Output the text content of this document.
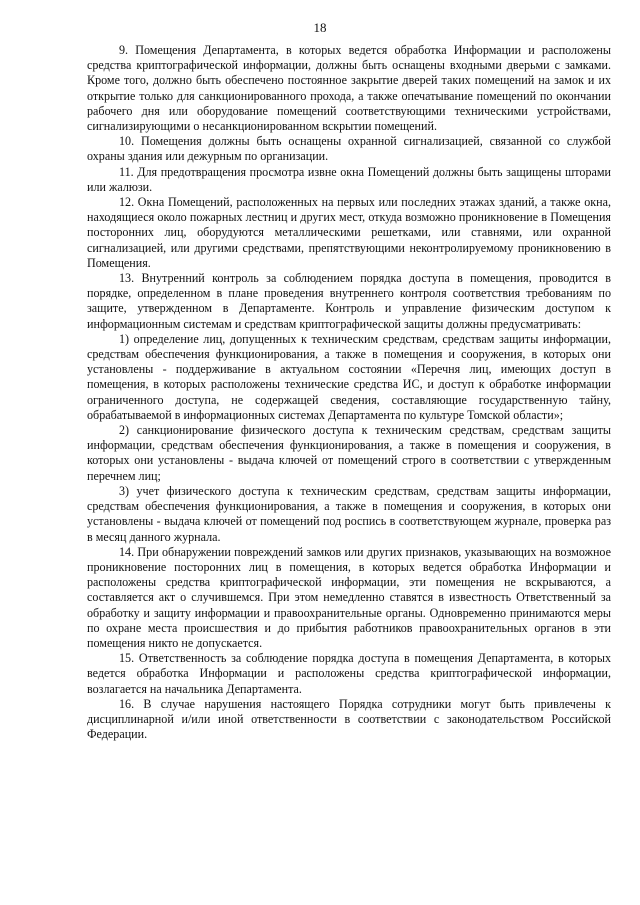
18

9. Помещения Департамента, в которых ведется обработка Информации и расположены средства криптографической информации, должны быть оснащены входными дверьми с замками. Кроме того, должно быть обеспечено постоянное закрытие дверей таких помещений на замок и их открытие только для санкционированного прохода, а также опечатывание помещений по окончании рабочего дня или оборудование помещений соответствующими техническими устройствами, сигнализирующими о несанкционированном вскрытии помещений.

10. Помещения должны быть оснащены охранной сигнализацией, связанной со службой охраны здания или дежурным по организации.

11. Для предотвращения просмотра извне окна Помещений должны быть защищены шторами или жалюзи.

12. Окна Помещений, расположенных на первых или последних этажах зданий, а также окна, находящиеся около пожарных лестниц и других мест, откуда возможно проникновение в Помещения посторонних лиц, оборудуются металлическими решетками, или ставнями, или охранной сигнализацией, или другими средствами, препятствующими неконтролируемому проникновению в Помещения.

13. Внутренний контроль за соблюдением порядка доступа в помещения, проводится в порядке, определенном в плане проведения внутреннего контроля соответствия требованиям по защите, утвержденном в Департаменте. Контроль и управление физическим доступом к информационным системам и средствам криптографической защиты должны предусматривать:

1) определение лиц, допущенных к техническим средствам, средствам защиты информации, средствам обеспечения функционирования, а также в помещения и сооружения, в которых они установлены - поддерживание в актуальном состоянии «Перечня лиц, имеющих доступ в помещения, в которых расположены технические средства ИС, и доступ к обработке информации ограниченного доступа, не содержащей сведения, составляющие государственную тайну, обрабатываемой в информационных системах Департамента по культуре Томской области»;

2) санкционирование физического доступа к техническим средствам, средствам защиты информации, средствам обеспечения функционирования, а также в помещения и сооружения, в которых они установлены - выдача ключей от помещений строго в соответствии с утвержденным перечнем лиц;

3) учет физического доступа к техническим средствам, средствам защиты информации, средствам обеспечения функционирования, а также в помещения и сооружения, в которых они установлены - выдача ключей от помещений под роспись в соответствующем журнале, проверка раз в месяц данного журнала.

14. При обнаружении повреждений замков или других признаков, указывающих на возможное проникновение посторонних лиц в помещения, в которых ведется обработка Информации и расположены средства криптографической информации, эти помещения не вскрываются, а составляется акт о случившемся. При этом немедленно ставятся в известность Ответственный за обработку и защиту информации и правоохранительные органы. Одновременно принимаются меры по охране места происшествия и до прибытия работников правоохранительных органов в эти помещения никто не допускается.

15. Ответственность за соблюдение порядка доступа в помещения Департамента, в которых ведется обработка Информации и расположены средства криптографической информации, возлагается на начальника Департамента.

16. В случае нарушения настоящего Порядка сотрудники могут быть привлечены к дисциплинарной и/или иной ответственности в соответствии с законодательством Российской Федерации.
